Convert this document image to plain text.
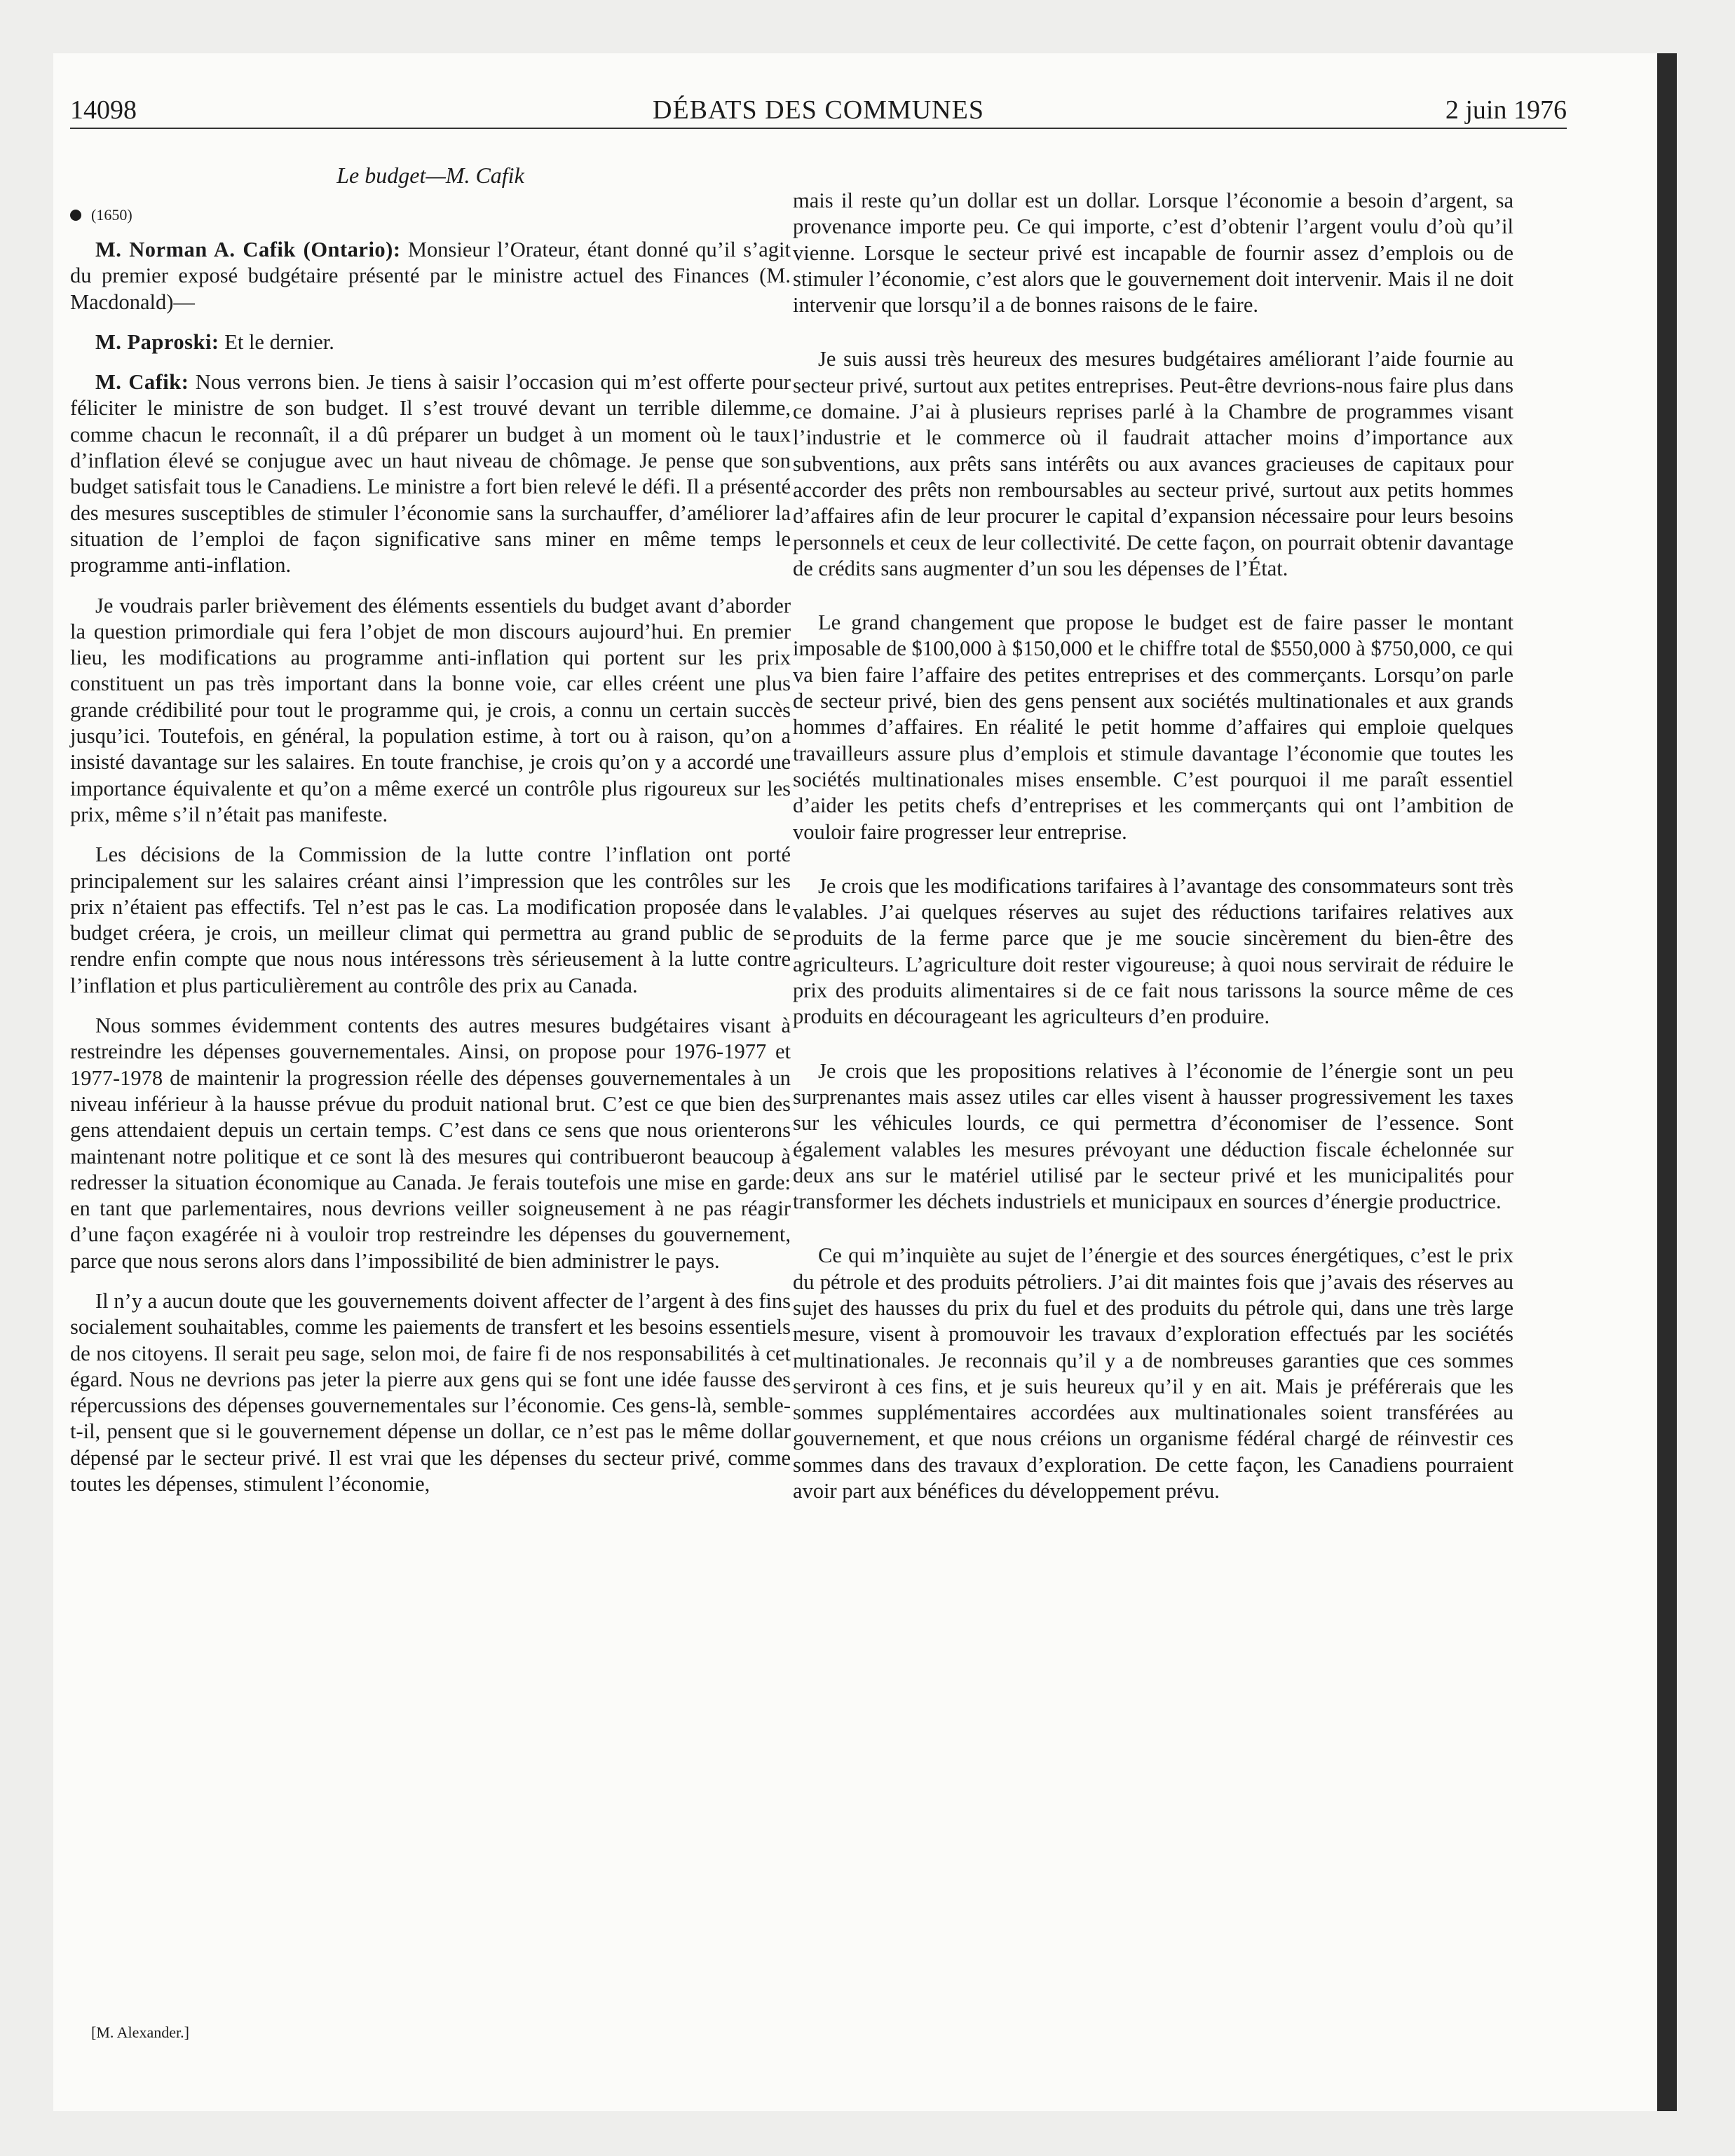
14098	DÉBATS DES COMMUNES	2 juin 1976
Le budget—M. Cafik
(1650)

M. Norman A. Cafik (Ontario): Monsieur l’Orateur, étant donné qu’il s’agit du premier exposé budgétaire présenté par le ministre actuel des Finances (M. Macdonald)—

M. Paproski: Et le dernier.

M. Cafik: Nous verrons bien. Je tiens à saisir l’occasion qui m’est offerte pour féliciter le ministre de son budget. Il s’est trouvé devant un terrible dilemme, comme chacun le reconnaît, il a dû préparer un budget à un moment où le taux d’inflation élevé se conjugue avec un haut niveau de chômage. Je pense que son budget satisfait tous le Canadiens. Le ministre a fort bien relevé le défi. Il a présenté des mesures susceptibles de stimuler l’économie sans la surchauffer, d’améliorer la situation de l’emploi de façon significative sans miner en même temps le programme anti-inflation.

Je voudrais parler brièvement des éléments essentiels du budget avant d’aborder la question primordiale qui fera l’objet de mon discours aujourd’hui. En premier lieu, les modifications au programme anti-inflation qui portent sur les prix constituent un pas très important dans la bonne voie, car elles créent une plus grande crédibilité pour tout le programme qui, je crois, a connu un certain succès jusqu’ici. Toutefois, en général, la population estime, à tort ou à raison, qu’on a insisté davantage sur les salaires. En toute franchise, je crois qu’on y a accordé une importance équivalente et qu’on a même exercé un contrôle plus rigoureux sur les prix, même s’il n’était pas manifeste.

Les décisions de la Commission de la lutte contre l’inflation ont porté principalement sur les salaires créant ainsi l’impression que les contrôles sur les prix n’étaient pas effectifs. Tel n’est pas le cas. La modification proposée dans le budget créera, je crois, un meilleur climat qui permettra au grand public de se rendre enfin compte que nous nous intéressons très sérieusement à la lutte contre l’inflation et plus particulièrement au contrôle des prix au Canada.

Nous sommes évidemment contents des autres mesures budgétaires visant à restreindre les dépenses gouvernementales. Ainsi, on propose pour 1976-1977 et 1977-1978 de maintenir la progression réelle des dépenses gouvernementales à un niveau inférieur à la hausse prévue du produit national brut. C’est ce que bien des gens attendaient depuis un certain temps. C’est dans ce sens que nous orienterons maintenant notre politique et ce sont là des mesures qui contribueront beaucoup à redresser la situation économique au Canada. Je ferais toutefois une mise en garde: en tant que parlementaires, nous devrions veiller soigneusement à ne pas réagir d’une façon exagérée ni à vouloir trop restreindre les dépenses du gouvernement, parce que nous serons alors dans l’impossibilité de bien administrer le pays.

Il n’y a aucun doute que les gouvernements doivent affecter de l’argent à des fins socialement souhaitables, comme les paiements de transfert et les besoins essentiels de nos citoyens. Il serait peu sage, selon moi, de faire fi de nos responsabilités à cet égard. Nous ne devrions pas jeter la pierre aux gens qui se font une idée fausse des répercussions des dépenses gouvernementales sur l’économie. Ces gens-là, semble-t-il, pensent que si le gouvernement dépense un dollar, ce n’est pas le même dollar dépensé par le secteur privé. Il est vrai que les dépenses du secteur privé, comme toutes les dépenses, stimulent l’économie,

mais il reste qu’un dollar est un dollar. Lorsque l’économie a besoin d’argent, sa provenance importe peu. Ce qui importe, c’est d’obtenir l’argent voulu d’où qu’il vienne. Lorsque le secteur privé est incapable de fournir assez d’emplois ou de stimuler l’économie, c’est alors que le gouvernement doit intervenir. Mais il ne doit intervenir que lorsqu’il a de bonnes raisons de le faire.

Je suis aussi très heureux des mesures budgétaires améliorant l’aide fournie au secteur privé, surtout aux petites entreprises. Peut-être devrions-nous faire plus dans ce domaine. J’ai à plusieurs reprises parlé à la Chambre de programmes visant l’industrie et le commerce où il faudrait attacher moins d’importance aux subventions, aux prêts sans intérêts ou aux avances gracieuses de capitaux pour accorder des prêts non remboursables au secteur privé, surtout aux petits hommes d’affaires afin de leur procurer le capital d’expansion nécessaire pour leurs besoins personnels et ceux de leur collectivité. De cette façon, on pourrait obtenir davantage de crédits sans augmenter d’un sou les dépenses de l’État.

Le grand changement que propose le budget est de faire passer le montant imposable de $100,000 à $150,000 et le chiffre total de $550,000 à $750,000, ce qui va bien faire l’affaire des petites entreprises et des commerçants. Lorsqu’on parle de secteur privé, bien des gens pensent aux sociétés multinationales et aux grands hommes d’affaires. En réalité le petit homme d’affaires qui emploie quelques travailleurs assure plus d’emplois et stimule davantage l’économie que toutes les sociétés multinationales mises ensemble. C’est pourquoi il me paraît essentiel d’aider les petits chefs d’entreprises et les commerçants qui ont l’ambition de vouloir faire progresser leur entreprise.

Je crois que les modifications tarifaires à l’avantage des consommateurs sont très valables. J’ai quelques réserves au sujet des réductions tarifaires relatives aux produits de la ferme parce que je me soucie sincèrement du bien-être des agriculteurs. L’agriculture doit rester vigoureuse; à quoi nous servirait de réduire le prix des produits alimentaires si de ce fait nous tarissons la source même de ces produits en décourageant les agriculteurs d’en produire.

Je crois que les propositions relatives à l’économie de l’énergie sont un peu surprenantes mais assez utiles car elles visent à hausser progressivement les taxes sur les véhicules lourds, ce qui permettra d’économiser de l’essence. Sont également valables les mesures prévoyant une déduction fiscale échelonnée sur deux ans sur le matériel utilisé par le secteur privé et les municipalités pour transformer les déchets industriels et municipaux en sources d’énergie productrice.

Ce qui m’inquiète au sujet de l’énergie et des sources énergétiques, c’est le prix du pétrole et des produits pétroliers. J’ai dit maintes fois que j’avais des réserves au sujet des hausses du prix du fuel et des produits du pétrole qui, dans une très large mesure, visent à promouvoir les travaux d’exploration effectués par les sociétés multinationales. Je reconnais qu’il y a de nombreuses garanties que ces sommes serviront à ces fins, et je suis heureux qu’il y en ait. Mais je préférerais que les sommes supplémentaires accordées aux multinationales soient transférées au gouvernement, et que nous créions un organisme fédéral chargé de réinvestir ces sommes dans des travaux d’exploration. De cette façon, les Canadiens pourraient avoir part aux bénéfices du développement prévu.

[M. Alexander.]
